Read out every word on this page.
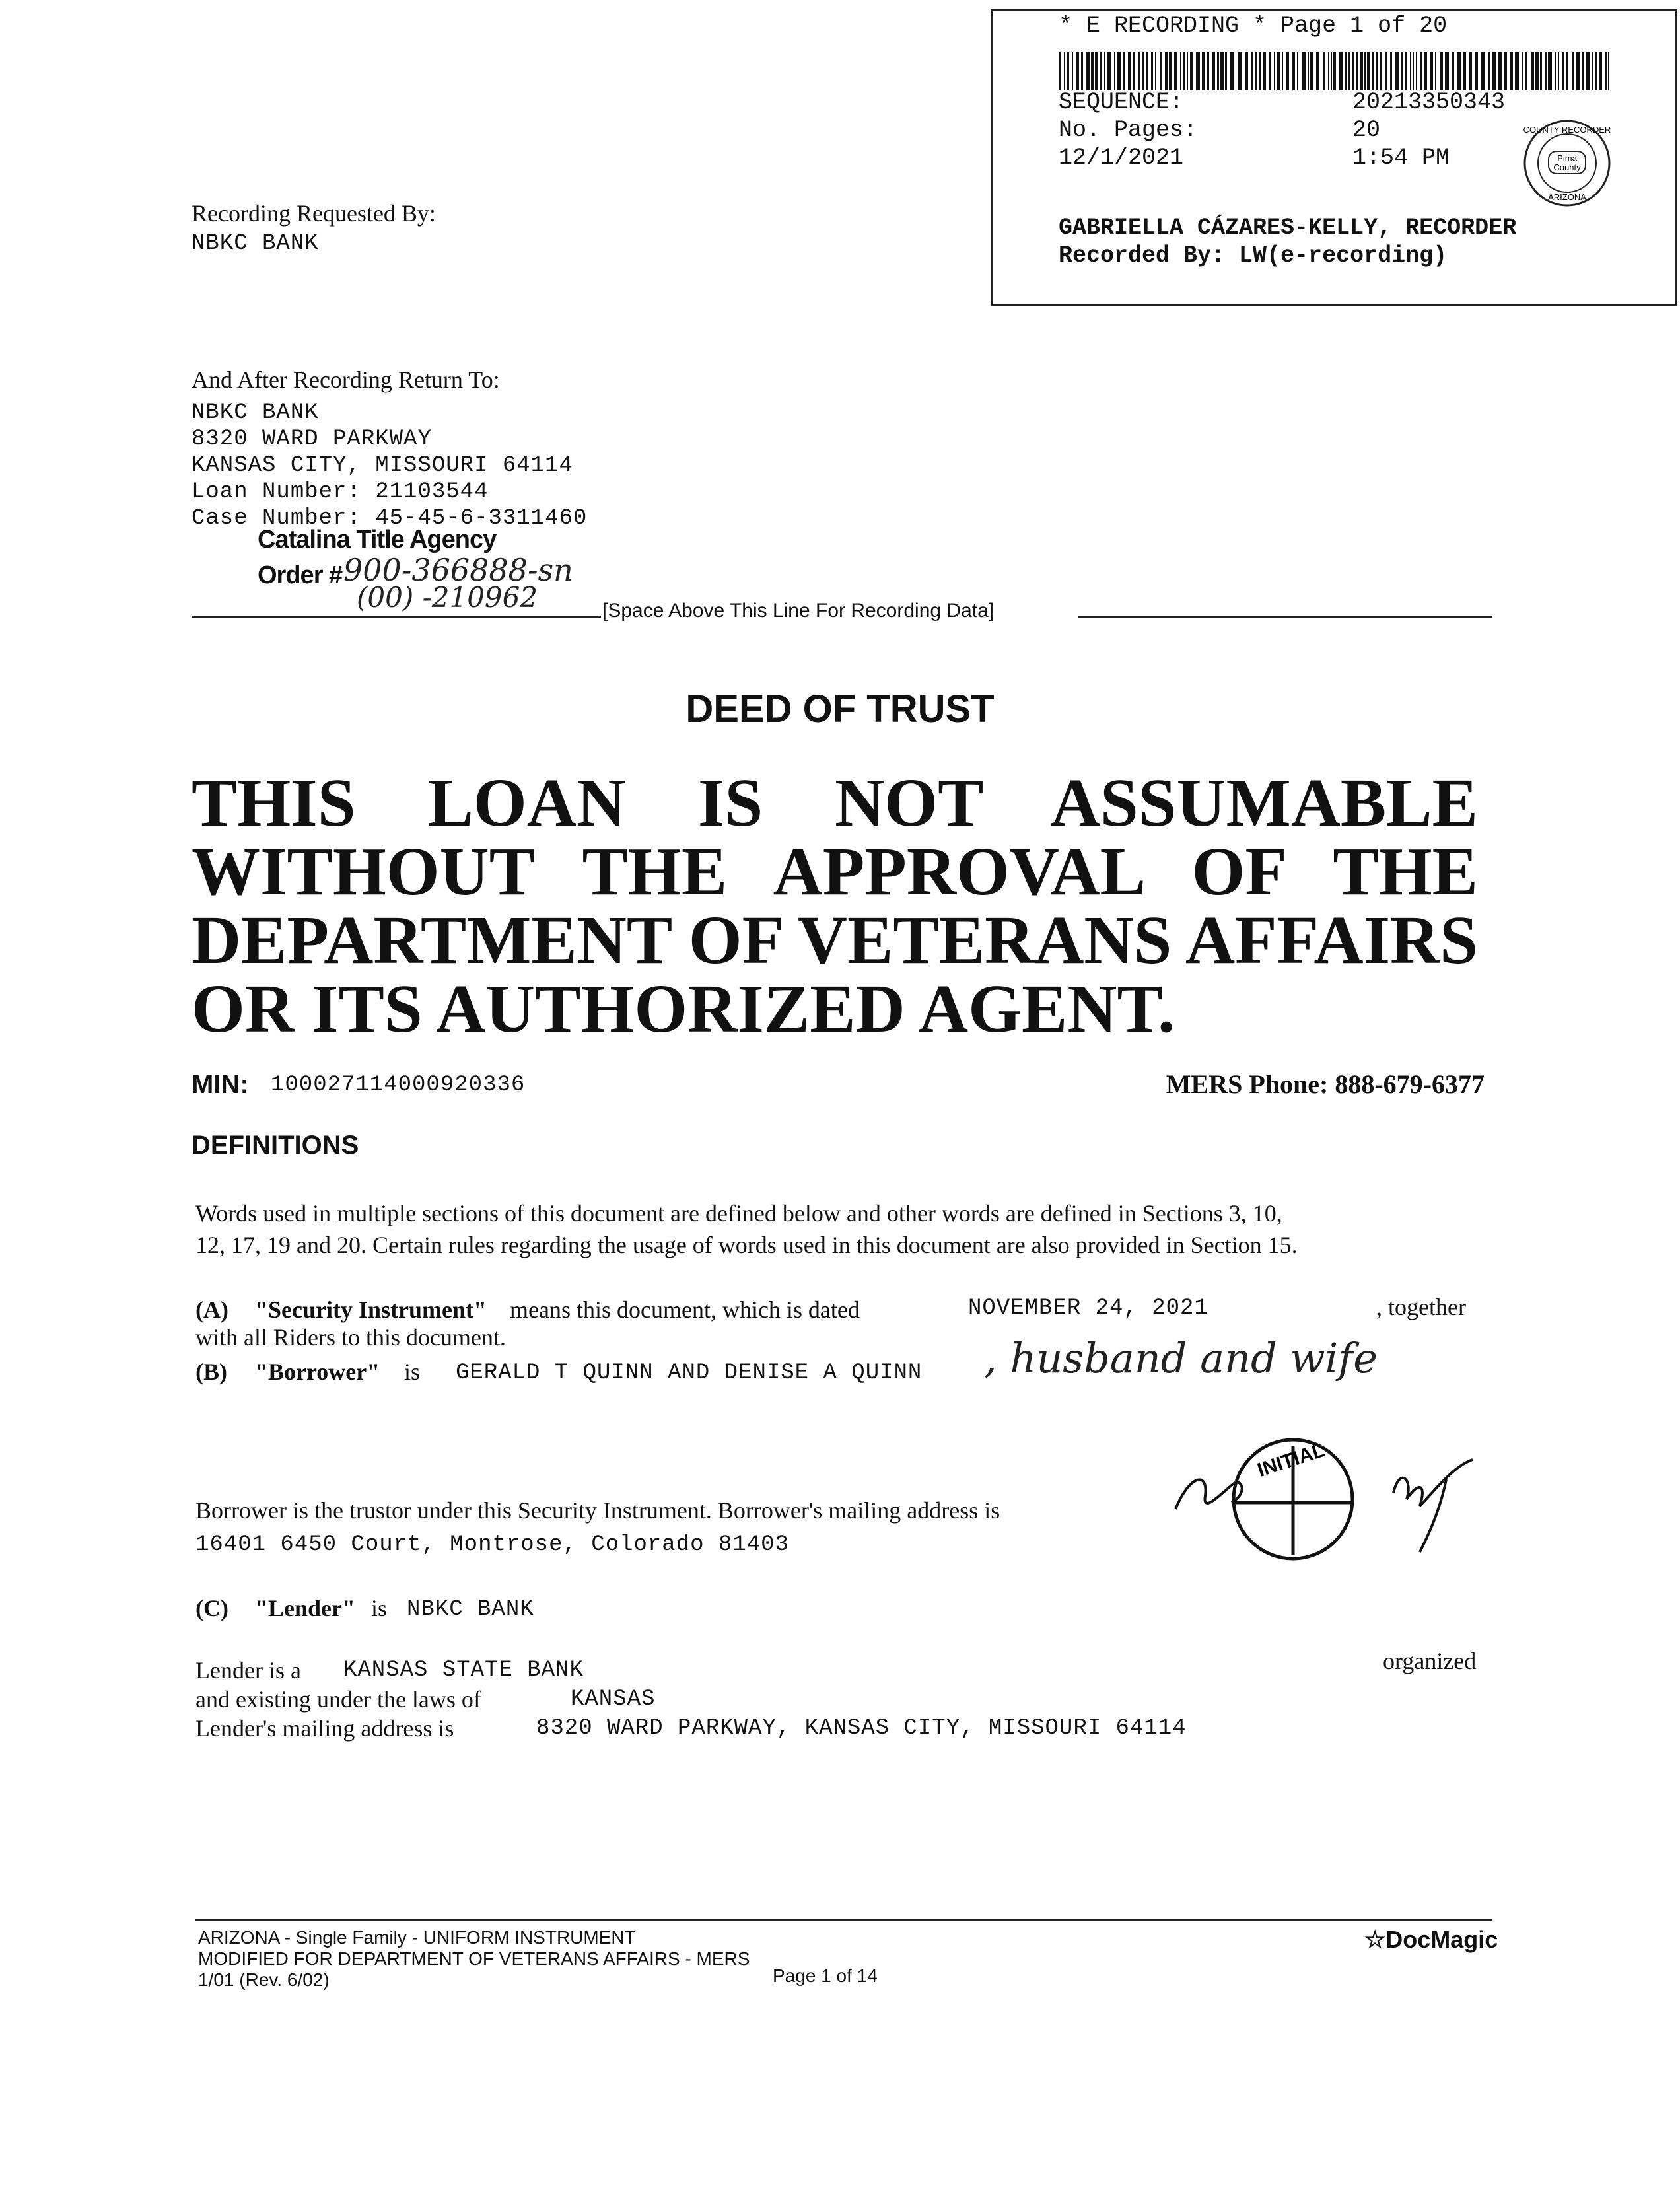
* E RECORDING * Page 1 of 20
SEQUENCE:	20213350343
No. Pages:	20
12/1/2021	1:54 PM	Pima
County
COUNTY RECORDER
ARIZONA
GABRIELLA CÁZARES-KELLY, RECORDER
Recorded By: LW(e-recording)
Recording Requested By:
NBKC BANK
And After Recording Return To:
NBKC BANK
8320 WARD PARKWAY
KANSAS CITY, MISSOURI 64114
Loan Number: 21103544
Case Number: 45-45-6-3311460
Catalina Title Agency
Order # 900-366888-sn
(00) -210962	[Space Above This Line For Recording Data]
DEED OF TRUST
THIS LOAN IS NOT ASSUMABLE
WITHOUT THE APPROVAL OF THE
DEPARTMENT OF VETERANS AFFAIRS
OR ITS AUTHORIZED AGENT.
MIN: 100027114000920336	MERS Phone: 888-679-6377
DEFINITIONS
Words used in multiple sections of this document are defined below and other words are defined in Sections 3, 10,
12, 17, 19 and 20. Certain rules regarding the usage of words used in this document are also provided in Section 15.
(A) "Security Instrument" means this document, which is dated	NOVEMBER 24, 2021	, together
with all Riders to this document.
(B) "Borrower" is GERALD T QUINN AND DENISE A QUINN , husband and wife
INITIAL
Borrower is the trustor under this Security Instrument. Borrower's mailing address is
16401 6450 Court, Montrose, Colorado 81403
(C) "Lender" is NBKC BANK
Lender is a KANSAS STATE BANK	organized
and existing under the laws of	KANSAS
Lender's mailing address is	8320 WARD PARKWAY, KANSAS CITY, MISSOURI 64114
ARIZONA - Single Family - UNIFORM INSTRUMENT
MODIFIED FOR DEPARTMENT OF VETERANS AFFAIRS - MERS
1/01 (Rev. 6/02)	Page 1 of 14
☆DocMagic
